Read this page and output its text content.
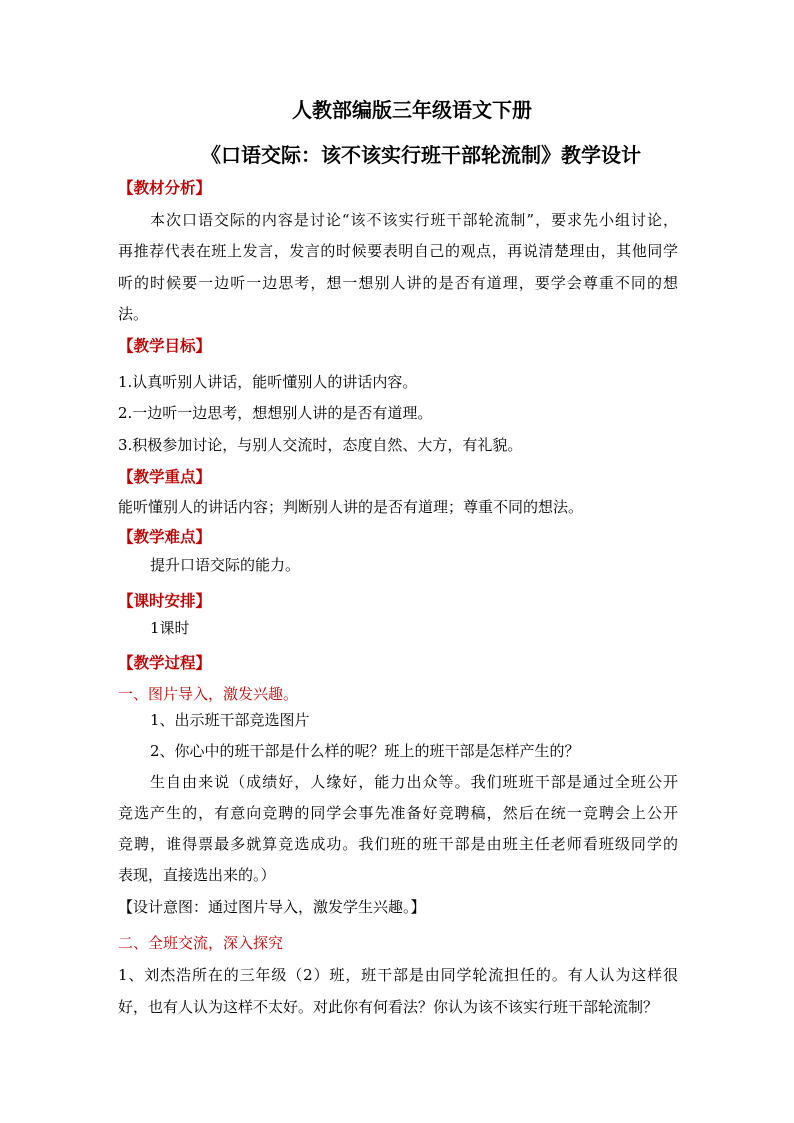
人教部编版三年级语文下册
《口语交际：该不该实行班干部轮流制》教学设计
【教材分析】
本次口语交际的内容是讨论“该不该实行班干部轮流制”，要求先小组讨论，
再推荐代表在班上发言，发言的时候要表明自己的观点，再说清楚理由，其他同学
听的时候要一边听一边思考，想一想别人讲的是否有道理，要学会尊重不同的想
法。
【教学目标】
1.认真听别人讲话，能听懂别人的讲话内容。
2.一边听一边思考，想想别人讲的是否有道理。
3.积极参加讨论，与别人交流时，态度自然、大方，有礼貌。
【教学重点】
能听懂别人的讲话内容；判断别人讲的是否有道理；尊重不同的想法。
【教学难点】
提升口语交际的能力。
【课时安排】
1课时
【教学过程】
一、图片导入，激发兴趣。
1、出示班干部竞选图片
2、你心中的班干部是什么样的呢？班上的班干部是怎样产生的？
生自由来说（成绩好，人缘好，能力出众等。我们班班干部是通过全班公开
竞选产生的，有意向竞聘的同学会事先准备好竞聘稿，然后在统一竞聘会上公开
竞聘，谁得票最多就算竞选成功。我们班的班干部是由班主任老师看班级同学的
表现，直接选出来的。）
【设计意图：通过图片导入，激发学生兴趣。】
二、全班交流，深入探究
1、刘杰浩所在的三年级（2）班，班干部是由同学轮流担任的。有人认为这样很
好，也有人认为这样不太好。对此你有何看法？你认为该不该实行班干部轮流制？
